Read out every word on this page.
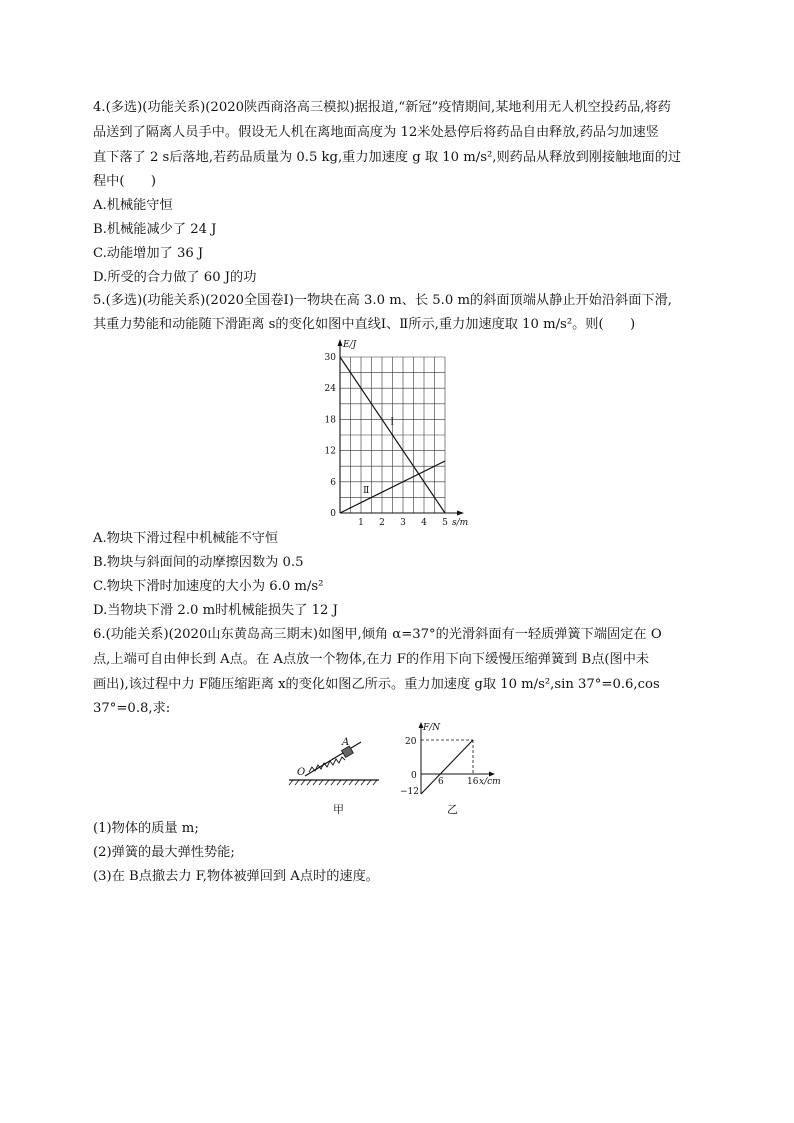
4.(多选)(功能关系)(2020陕西商洛高三模拟)据报道,“新冠”疫情期间,某地利用无人机空投药品,将药
品送到了隔离人员手中。假设无人机在离地面高度为 12米处悬停后将药品自由释放,药品匀加速竖
直下落了 2 s后落地,若药品质量为 0.5 kg,重力加速度 g 取 10 m/s²,则药品从释放到刚接触地面的过
程中(　　)
A.机械能守恒
B.机械能减少了 24 J
C.动能增加了 36 J
D.所受的合力做了 60 J的功
5.(多选)(功能关系)(2020全国卷Ⅰ)一物块在高 3.0 m、长 5.0 m的斜面顶端从静止开始沿斜面下滑,
其重力势能和动能随下滑距离 s的变化如图中直线Ⅰ、Ⅱ所示,重力加速度取 10 m/s²。则(　　)
Ⅰ
Ⅱ
1 2 3 4 5
6
12
18
24
30
0
E/J
s/m
A.物块下滑过程中机械能不守恒
B.物块与斜面间的动摩擦因数为 0.5
C.物块下滑时加速度的大小为 6.0 m/s²
D.当物块下滑 2.0 m时机械能损失了 12 J
6.(功能关系)(2020山东黄岛高三期末)如图甲,倾角 α=37°的光滑斜面有一轻质弹簧下端固定在 O
点,上端可自由伸长到 A点。在 A点放一个物体,在力 F的作用下向下缓慢压缩弹簧到 B点(图中未
画出),该过程中力 F随压缩距离 x的变化如图乙所示。重力加速度 g取 10 m/s²,sin 37°=0.6,cos
37°=0.8,求:
O
A
甲
F/N
20
0
−12
6	16 x/cm
乙
(1)物体的质量 m;
(2)弹簧的最大弹性势能;
(3)在 B点撤去力 F,物体被弹回到 A点时的速度。
